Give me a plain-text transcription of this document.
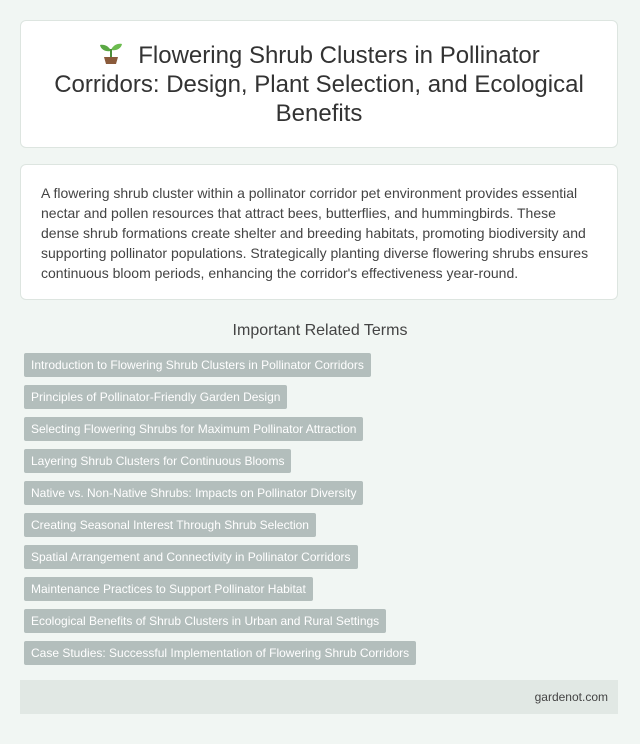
Flowering Shrub Clusters in Pollinator Corridors: Design, Plant Selection, and Ecological Benefits

A flowering shrub cluster within a pollinator corridor pet environment provides essential nectar and pollen resources that attract bees, butterflies, and hummingbirds. These dense shrub formations create shelter and breeding habitats, promoting biodiversity and supporting pollinator populations. Strategically planting diverse flowering shrubs ensures continuous bloom periods, enhancing the corridor's effectiveness year-round.

Important Related Terms
Introduction to Flowering Shrub Clusters in Pollinator Corridors
Principles of Pollinator-Friendly Garden Design
Selecting Flowering Shrubs for Maximum Pollinator Attraction
Layering Shrub Clusters for Continuous Blooms
Native vs. Non-Native Shrubs: Impacts on Pollinator Diversity
Creating Seasonal Interest Through Shrub Selection
Spatial Arrangement and Connectivity in Pollinator Corridors
Maintenance Practices to Support Pollinator Habitat
Ecological Benefits of Shrub Clusters in Urban and Rural Settings
Case Studies: Successful Implementation of Flowering Shrub Corridors
gardenot.com
